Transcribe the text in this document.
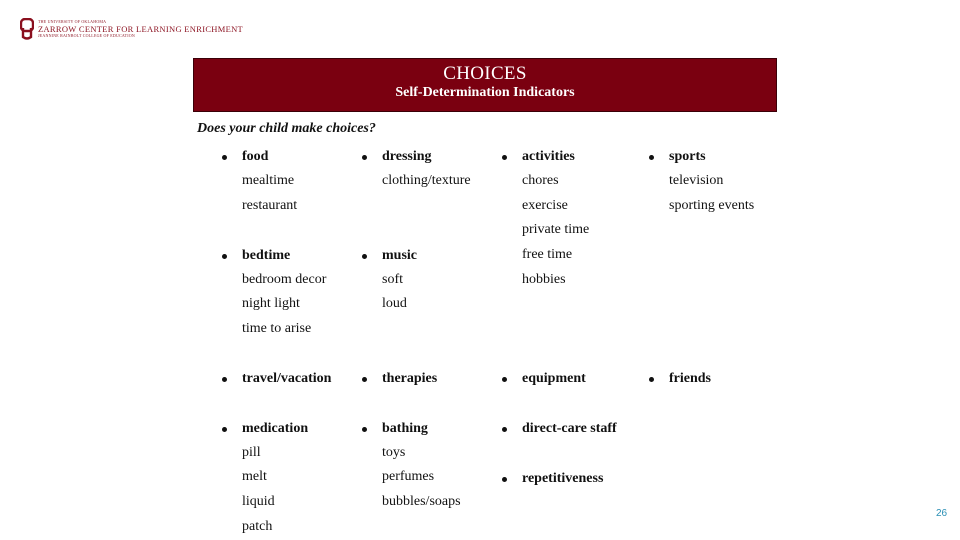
THE UNIVERSITY OF OKLAHOMA
ZARROW CENTER FOR LEARNING ENRICHMENT
JEANNINE RAINBOLT COLLEGE OF EDUCATION
CHOICES
Self-Determination Indicators
Does your child make choices?
food
mealtime
restaurant
bedtime
bedroom decor
night light
time to arise
travel/vacation
medication
pill
melt
liquid
patch
dressing
clothing/texture
music
soft
loud
therapies
bathing
toys
perfumes
bubbles/soaps
activities
chores
exercise
private time
free time
hobbies
equipment
direct-care staff
repetitiveness
sports
television
sporting events
friends
26
